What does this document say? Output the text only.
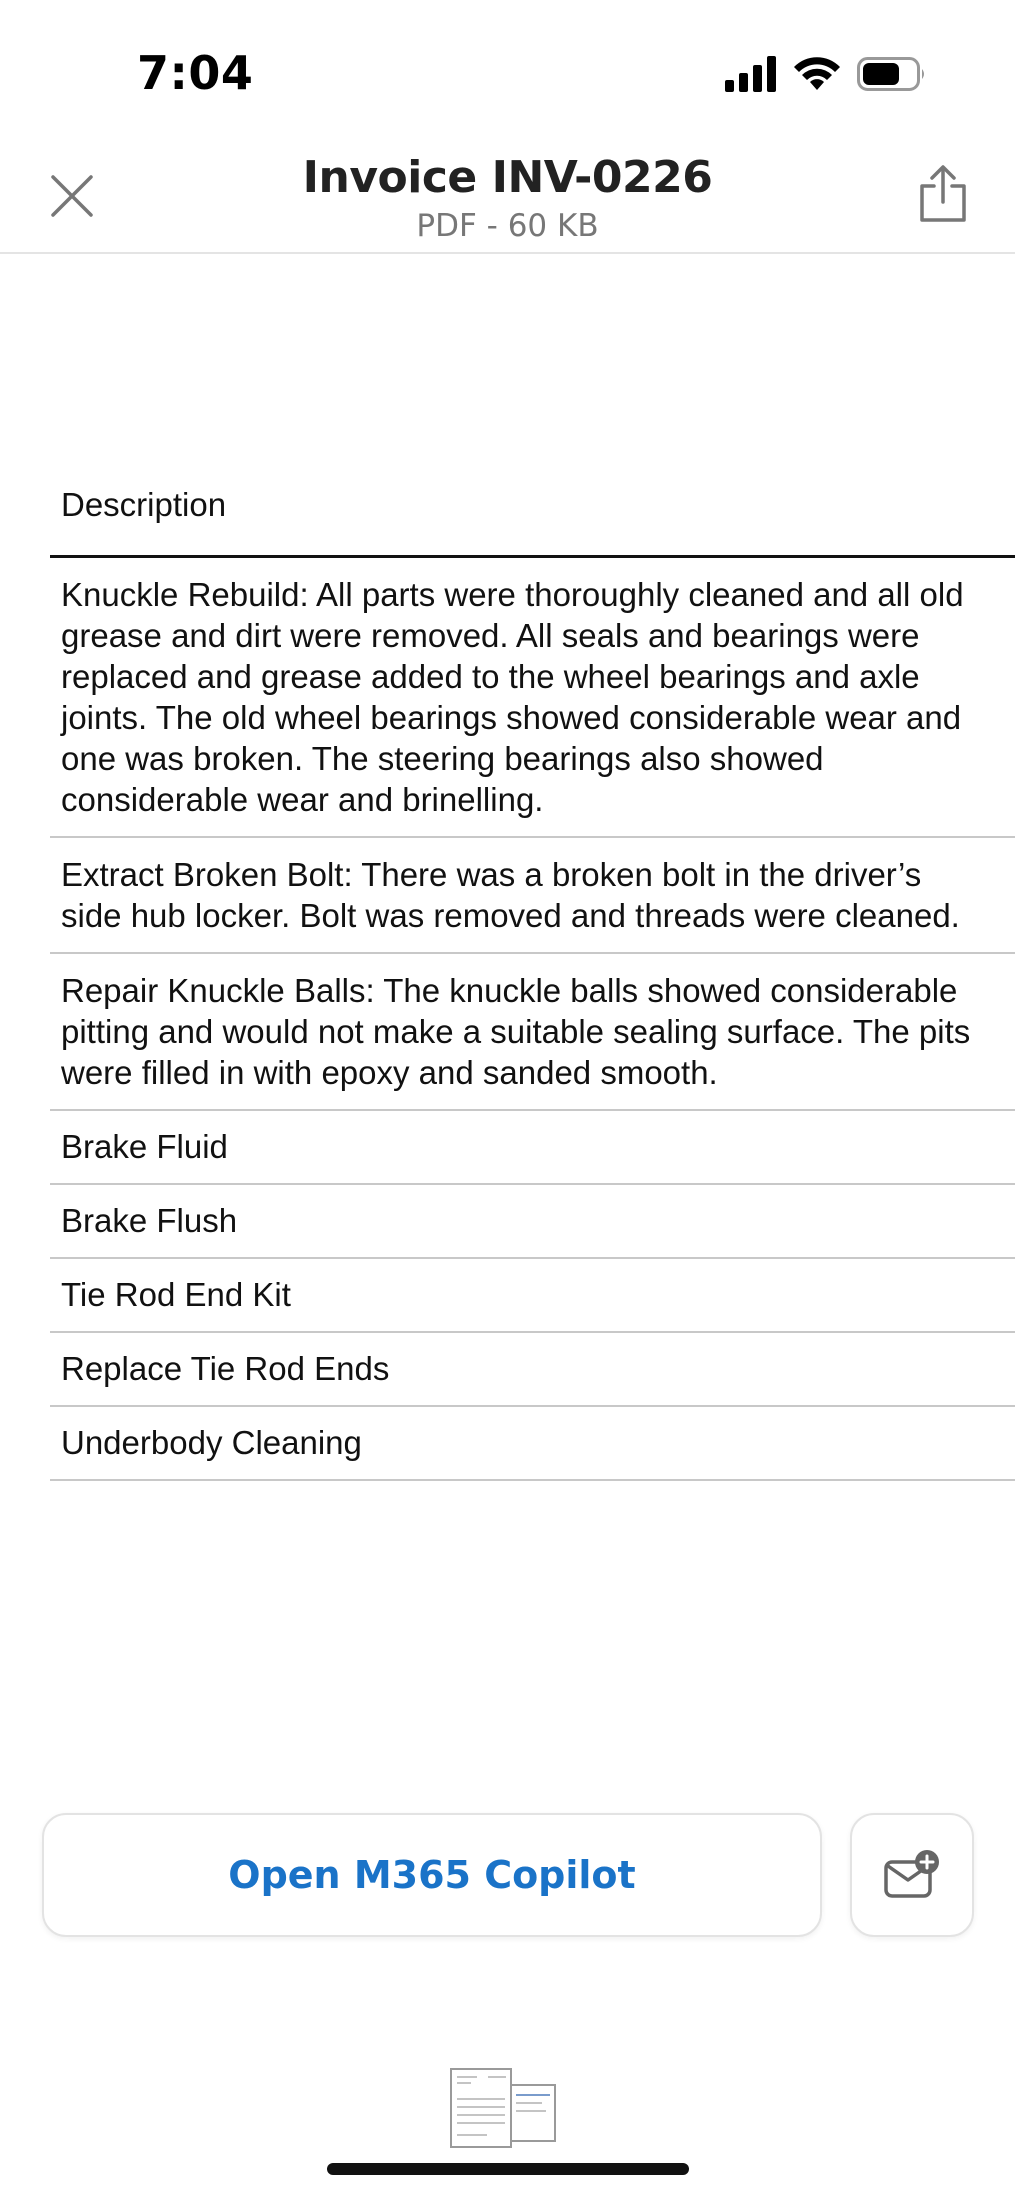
7:04
Invoice INV-0226
PDF - 60 KB
Description
Knuckle Rebuild: All parts were thoroughly cleaned and all old grease and dirt were removed. All seals and bearings were replaced and grease added to the wheel bearings and axle joints. The old wheel bearings showed considerable wear and one was broken. The steering bearings also showed considerable wear and brinelling.
Extract Broken Bolt: There was a broken bolt in the driver’s side hub locker. Bolt was removed and threads were cleaned.
Repair Knuckle Balls: The knuckle balls showed considerable pitting and would not make a suitable sealing surface. The pits were filled in with epoxy and sanded smooth.
Brake Fluid
Brake Flush
Tie Rod End Kit
Replace Tie Rod Ends
Underbody Cleaning
Open M365 Copilot
